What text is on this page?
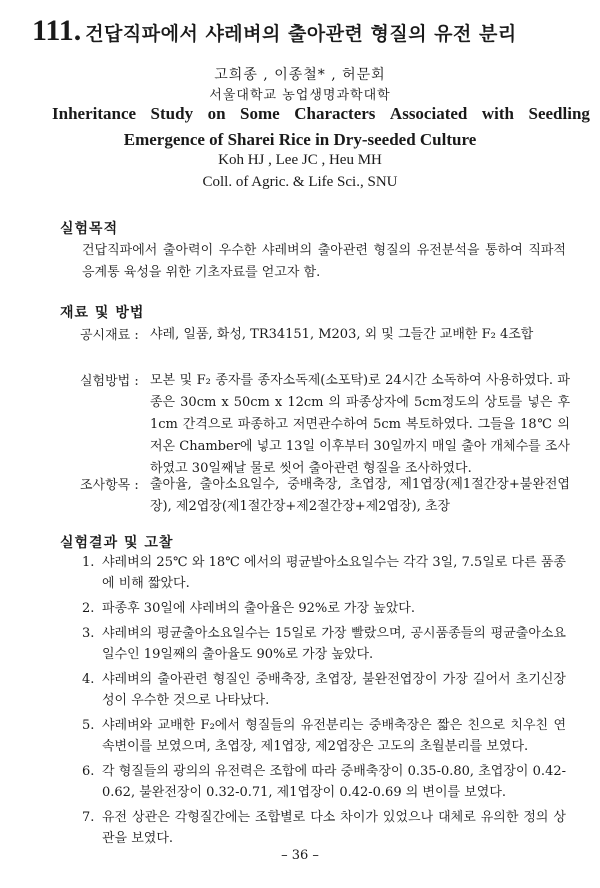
111. 건답직파에서 샤레벼의 출아관련 형질의 유전 분리
고희종 , 이종철* , 허문회
서울대학교 농업생명과학대학
Inheritance Study on Some Characters Associated with Seedling
Emergence of Sharei Rice in Dry-seeded Culture
Koh HJ , Lee JC , Heu MH
Coll. of Agric. & Life Sci., SNU
실험목적
건답직파에서 출아력이 우수한 샤레벼의 출아관련 형질의 유전분석을 통하여 직파적응계통 육성을 위한 기초자료를 얻고자 함.
재료 및 방법
공시재료 : 샤레, 일품, 화성, TR34151, M203, 외 및 그들간 교배한 F₂ 4조합
실험방법 : 모본 및 F₂ 종자를 종자소독제(소포탁)로 24시간 소독하여 사용하였다. 파종은 30cm x 50cm x 12cm 의 파종상자에 5cm정도의 상토를 넣은 후 1cm 간격으로 파종하고 저면관수하여 5cm 복토하였다. 그들을 18℃ 의 저온 Chamber에 넣고 13일 이후부터 30일까지 매일 출아 개체수를 조사하였고 30일째날 물로 씻어 출아관련 형질을 조사하였다.
조사항목 : 출아율, 출아소요일수, 중배축장, 초엽장, 제1엽장(제1절간장+불완전엽장), 제2엽장(제1절간장+제2절간장+제2엽장), 초장
실험결과 및 고찰
1. 샤레벼의 25℃ 와 18℃ 에서의 평균발아소요일수는 각각 3일, 7.5일로 다른 품종에 비해 짧았다.
2. 파종후 30일에 샤레벼의 출아율은 92%로 가장 높았다.
3. 샤레벼의 평균출아소요일수는 15일로 가장 빨랐으며, 공시품종들의 평균출아소요일수인 19일째의 출아율도 90%로 가장 높았다.
4. 샤레벼의 출아관련 형질인 중배축장, 초엽장, 불완전엽장이 가장 길어서 초기신장성이 우수한 것으로 나타났다.
5. 샤레벼와 교배한 F₂에서 형질들의 유전분리는 중배축장은 짧은 친으로 치우친 연속변이를 보였으며, 초엽장, 제1엽장, 제2엽장은 고도의 초월분리를 보였다.
6. 각 형질들의 광의의 유전력은 조합에 따라 중배축장이 0.35-0.80, 초엽장이 0.42-0.62, 불완전장이 0.32-0.71, 제1엽장이 0.42-0.69 의 변이를 보였다.
7. 유전 상관은 각형질간에는 조합별로 다소 차이가 있었으나 대체로 유의한 정의 상관을 보였다.
– 36 –
